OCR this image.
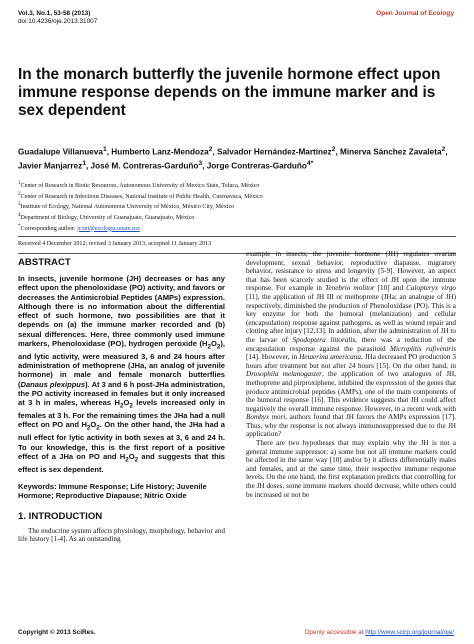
Vol.3, No.1, 53-58 (2013)
doi:10.4236/oje.2013.31007
Open Journal of Ecology
In the monarch butterfly the juvenile hormone effect upon immune response depends on the immune marker and is sex dependent
Guadalupe Villanueva$^1$, Humberto Lanz-Mendoza$^2$, Salvador Hernández-Martínez$^2$, Minerva Sánchez Zavaleta$^2$, Javier Manjarrez$^1$, José M. Contreras-Garduño$^3$, Jorge Contreras-Garduño$^{4*}$
$^1$Center of Research in Biotic Resources, Autonomous University of Mexico State, Toluca, México
$^2$Center of Research in Infectious Diseases, National Institute of Public Health, Cuernavaca, México
$^3$Institute of Ecology, National Autonomous University of México, México City, México
$^4$Department of Biology, University of Guanajuato, Guanajuato, México
*Corresponding author: jcont@ecologia.unam.mx
Received 4 December 2012; revised 3 January 2013; accepted 11 January 2013
ABSTRACT
In insects, juvenile hormone (JH) decreases or has any effect upon the phenoloxidase (PO) activity, and favors or decreases the Antimicrobial Peptides (AMPs) expression. Although there is no information about the differential effect of such hormone, two possibilities are that it depends on (a) the immune marker recorded and (b) sexual differences. Here, three commonly used immune markers, Phenoloxidase (PO), hydrogen peroxide $(H_2O_2)$, and lytic activity, were measured 3, 6 and 24 hours after administration of methoprene (JHa, an analog of juvenile hormone) in male and female monarch butterflies (Danaus plexippus). At 3 and 6 h post-JHa administration, the PO activity increased in females but it only increased at 3 h in males, whereas $H_2O_2$ levels increased only in females at 3 h. For the remaining times the JHa had a null effect on PO and $H_2O_2$. On the other hand, the JHa had a null effect for lytic activity in both sexes at 3, 6 and 24 h. To our knowledge, this is the first report of a positive effect of a JHa on PO and $H_2O_2$ and suggests that this effect is sex dependent.
Keywords: Immune Response; Life History; Juvenile Hormone; Reproductive Diapause; Nitric Oxide
1. INTRODUCTION
The endocrine system affects physiology, morphology, behavior and life history [1-4]. As an outstanding

example in insects, the juvenile hormone (JH) regulates ovarian development, sexual behavior, reproductive diapause, migratory behavior, resistance to stress and longevity [5-9]. However, an aspect that has been scarcely studied is the effect of JH upon the immune response. For example in Tenebrio molitor [10] and Calopteryx virgo [11], the application of JH III or methoprene (JHa; an analogue of JH) respectively, diminished the production of Phenoloxidase (PO). This is a key enzyme for both the humoral (melanization) and cellular (encapsulation) response against pathogens, as well as wound repair and clotting after injury [12,13]. In addition, after the administration of JH to the larvae of Spodoptera littoralis, there was a reduction of the encapsulation response against the parasitoid Microplitis rufiventris [14]. However, in Hetaerina americana, JHa decreased PO production 3 hours after treatment but not after 24 hours [15]. On the other hand, in Drosophila melanogaster, the application of two analogues of JH, methoprene and pirproxiphene, inhibited the expression of the genes that produce antimicrobial peptides (AMPs), one of the main components of the humoral response [16]. This evidence suggests that JH could affect negatively the overall immune response. However, in a recent work with Bombyx mori, authors found that JH favors the AMPs expression [17]. Thus, why the response is not always immunosuppressed due to the JH application?

There are two hypotheses that may explain why the JH is not a general immune suppressor: a) some but not all immune markers could be affected in the same way [10] and/or b) it affects differentially males and females, and at the same time, their respective immune response levels. On the one hand, the first explanation predicts that controlling for the JH doses, some immune markers should decrease, while others could be increased or not be

Copyright © 2013 SciRes.	Openly accessible at http://www.scirp.org/journal/oje/
